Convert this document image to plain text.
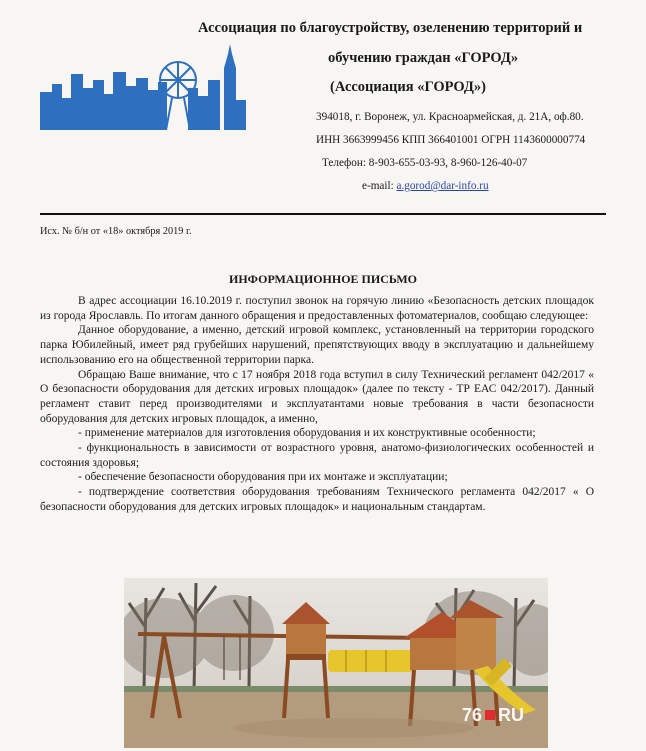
Ассоциация по благоустройству, озеленению территорий и
обучению граждан «ГОРОД»
(Ассоциация «ГОРОД»)
394018, г. Воронеж, ул. Красноармейская, д. 21А, оф.80.
ИНН 3663999456 КПП 366401001 ОГРН 1143600000774
Телефон: 8-903-655-03-93, 8-960-126-40-07
e-mail: a.gorod@dar-info.ru
Исх. № б/н от «18» октября 2019 г.
ИНФОРМАЦИОННОЕ ПИСЬМО

В адрес ассоциации 16.10.2019 г. поступил звонок на горячую линию «Безопасность детских площадок из города Ярославль. По итогам данного обращения и предоставленных фотоматериалов, сообщаю следующее:

Данное оборудование, а именно, детский игровой комплекс, установленный на территории городского парка Юбилейный, имеет ряд грубейших нарушений, препятствующих вводу в эксплуатацию и дальнейшему использованию его на общественной территории парка.

Обращаю Ваше внимание, что с 17 ноября 2018 года вступил в силу Технический регламент 042/2017 « О безопасности оборудования для детских игровых площадок» (далее по тексту - ТР ЕАС 042/2017). Данный регламент ставит перед производителями и эксплуатантами новые требования в части безопасности оборудования для детских игровых площадок, а именно,

- применение материалов для изготовления оборудования и их конструктивные особенности;

- функциональность в зависимости от возрастного уровня, анатомо-физиологических особенностей и состояния здоровья;

- обеспечение безопасности оборудования при их монтаже и эксплуатации;

- подтверждение соответствия оборудования требованиям Технического регламента 042/2017 « О безопасности оборудования для детских игровых площадок» и национальным стандартам.

76 RU
